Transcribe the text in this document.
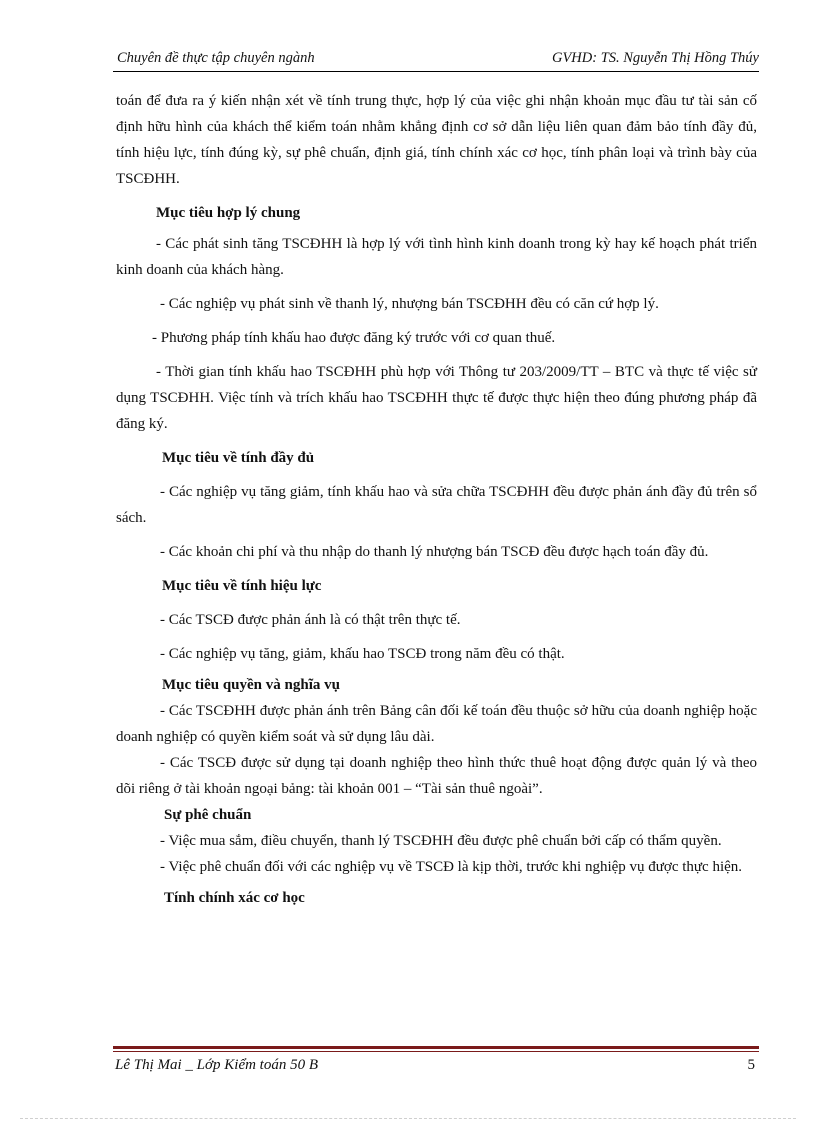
Chuyên đề thực tập chuyên ngành	GVHD: TS. Nguyễn Thị Hồng Thúy

toán để đưa ra ý kiến nhận xét về tính trung thực, hợp lý của việc ghi nhận khoản mục đầu tư tài sản cố định hữu hình của khách thể kiểm toán nhằm khẳng định cơ sở dẫn liệu liên quan đảm bảo tính đầy đủ, tính hiệu lực, tính đúng kỳ, sự phê chuẩn, định giá, tính chính xác cơ học, tính phân loại và trình bày của TSCĐHH.

Mục tiêu hợp lý chung

- Các phát sinh tăng TSCĐHH là hợp lý với tình hình kinh doanh trong kỳ hay kế hoạch phát triển kinh doanh của khách hàng.

- Các nghiệp vụ phát sinh về thanh lý, nhượng bán TSCĐHH đều có căn cứ hợp lý.

- Phương pháp tính khấu hao được đăng ký trước với cơ quan thuế.

- Thời gian tính khấu hao TSCĐHH phù hợp với Thông tư 203/2009/TT – BTC và thực tế việc sử dụng TSCĐHH. Việc tính và trích khấu hao TSCĐHH thực tế được thực hiện theo đúng phương pháp đã đăng ký.

Mục tiêu về tính đầy đủ

- Các nghiệp vụ tăng giảm, tính khấu hao và sửa chữa TSCĐHH đều được phản ánh đầy đủ trên sổ sách.

- Các khoản chi phí và thu nhập do thanh lý nhượng bán TSCĐ đều được hạch toán đầy đủ.

Mục tiêu về tính hiệu lực

- Các TSCĐ được phản ánh là có thật trên thực tế.

- Các nghiệp vụ tăng, giảm, khấu hao TSCĐ trong năm đều có thật.

Mục tiêu quyền và nghĩa vụ

- Các TSCĐHH được phản ánh trên Bảng cân đối kế toán đều thuộc sở hữu của doanh nghiệp hoặc doanh nghiệp có quyền kiểm soát và sử dụng lâu dài.

- Các TSCĐ được sử dụng tại doanh nghiệp theo hình thức thuê hoạt động được quản lý và theo dõi riêng ở tài khoản ngoại bảng: tài khoản 001 – “Tài sản thuê ngoài”.

Sự phê chuẩn

- Việc mua sắm, điều chuyển, thanh lý TSCĐHH đều được phê chuẩn bởi cấp có thẩm quyền.

- Việc phê chuẩn đối với các nghiệp vụ về TSCĐ là kịp thời, trước khi nghiệp vụ được thực hiện.

Tính chính xác cơ học

Lê Thị Mai _ Lớp Kiểm toán 50 B	5
